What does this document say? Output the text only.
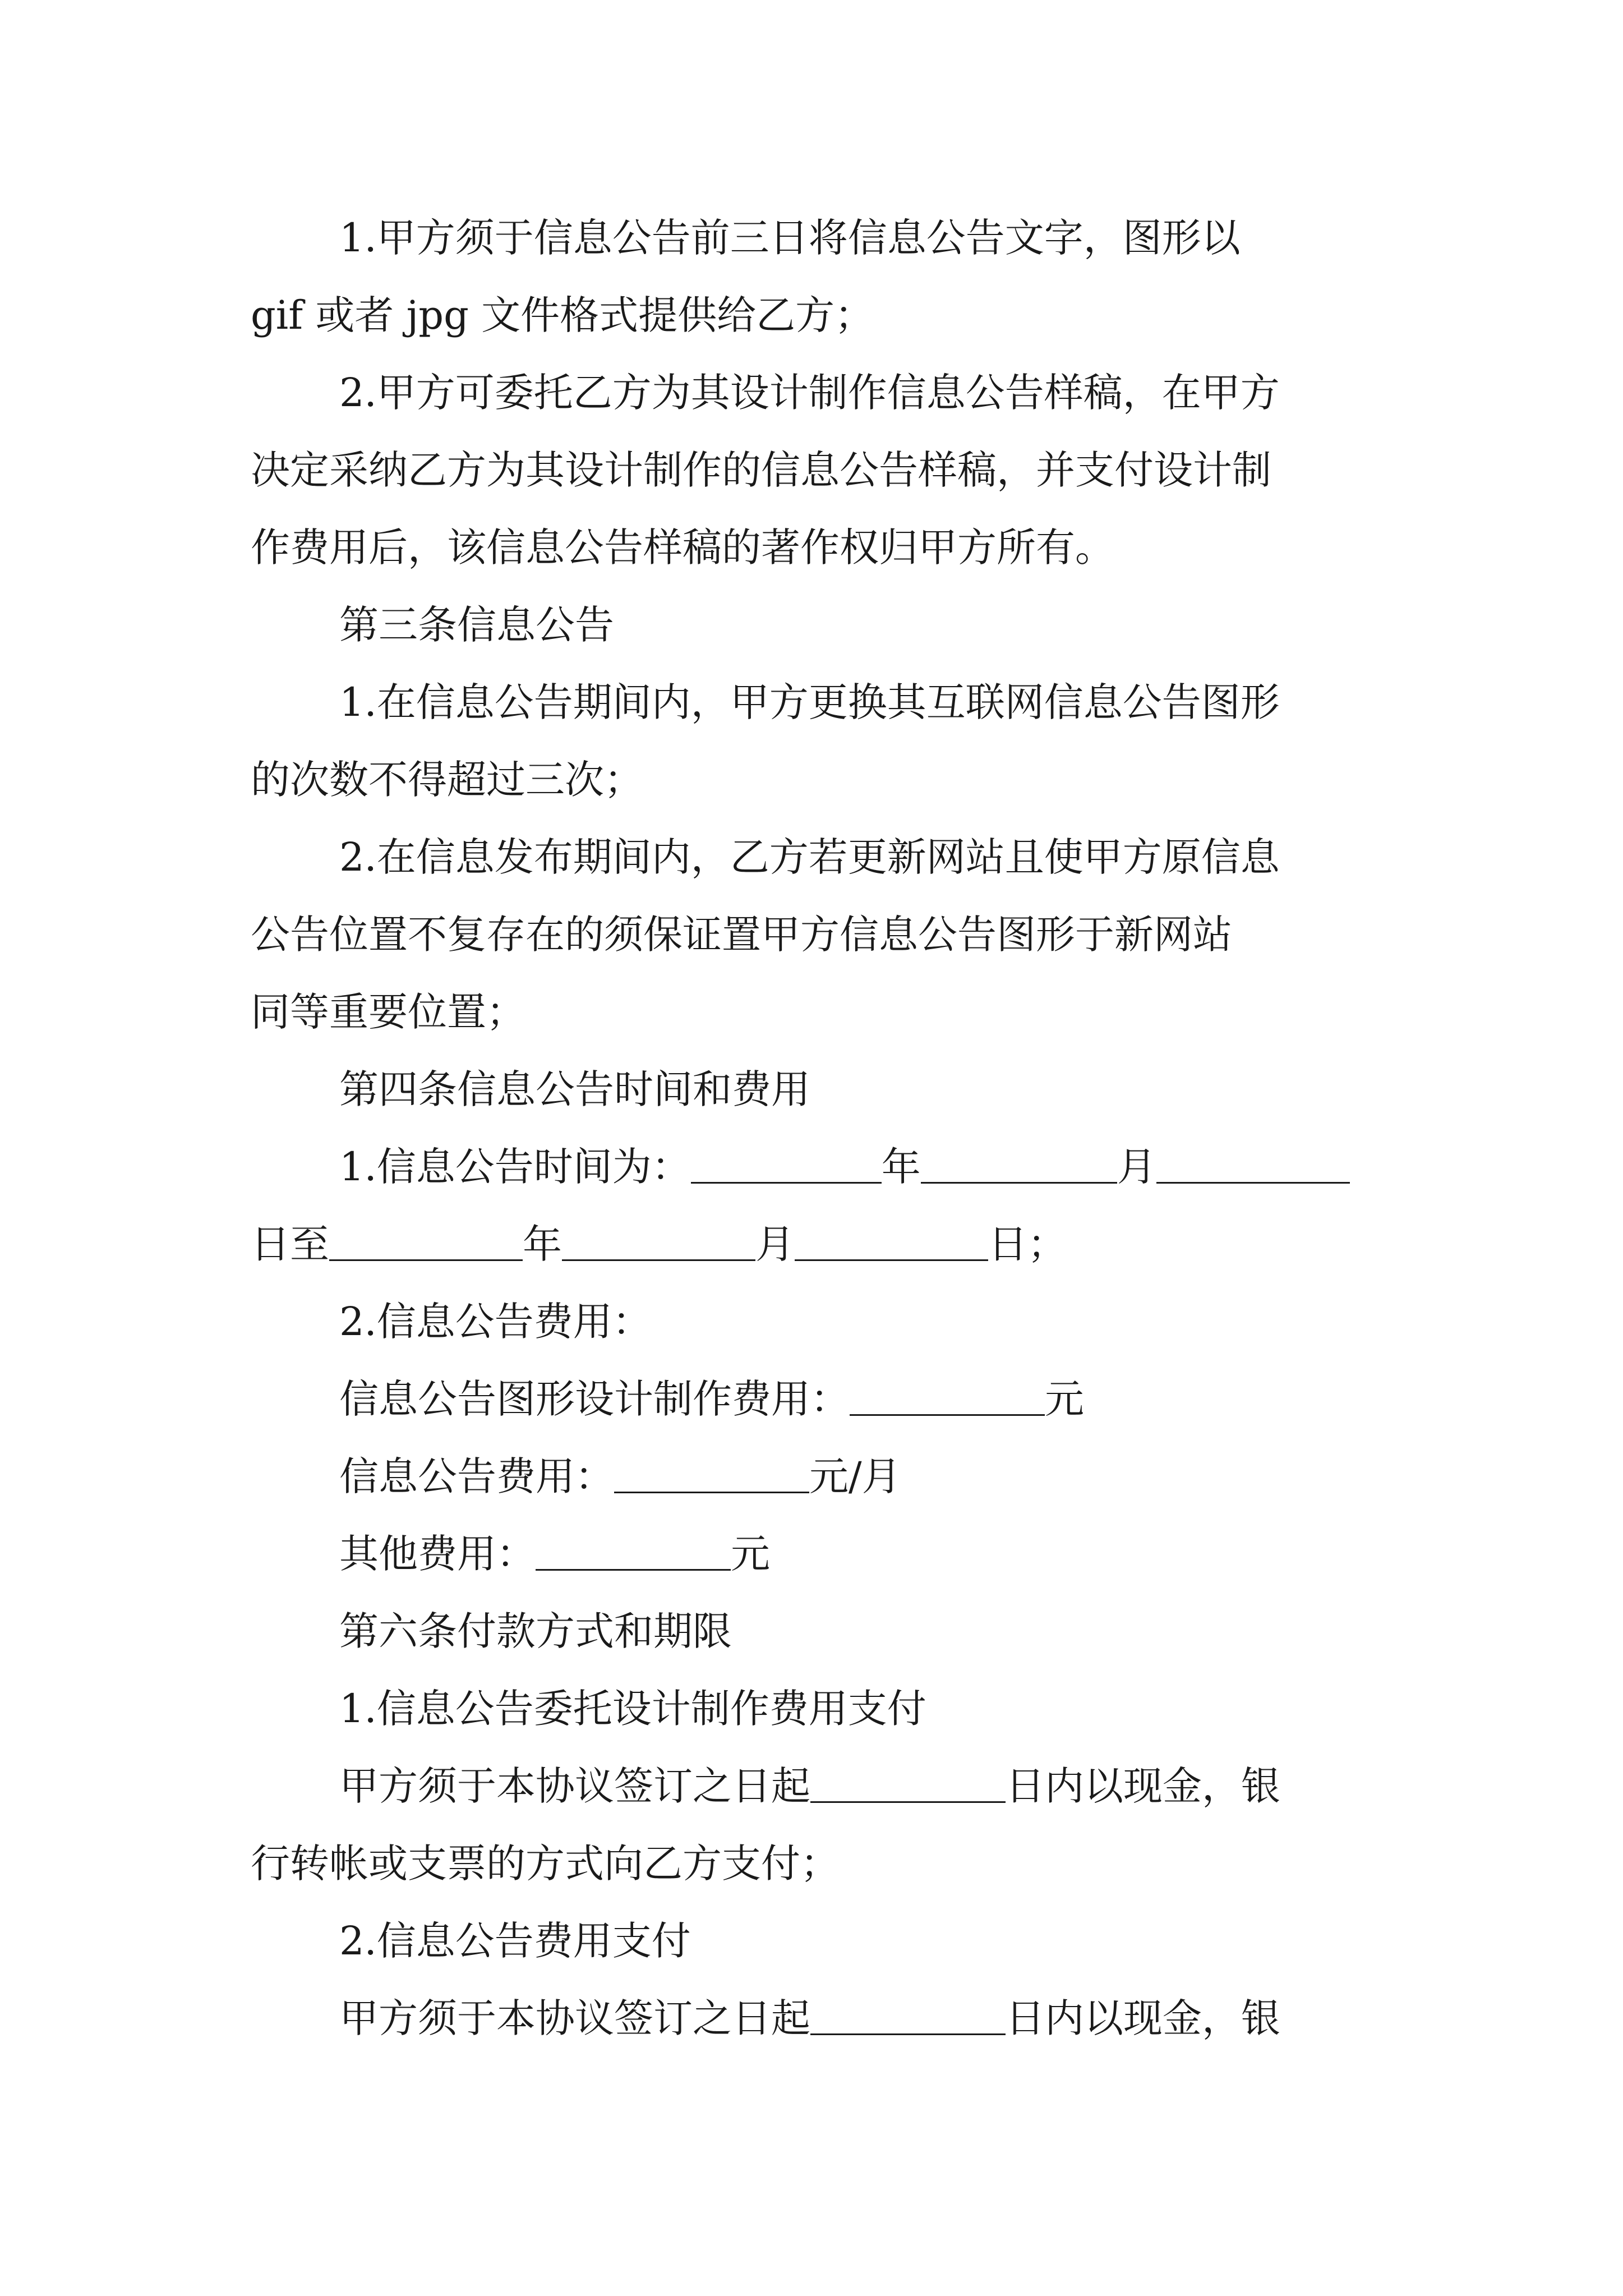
1.甲方须于信息公告前三日将信息公告文字，图形以
gif 或者 jpg 文件格式提供给乙方；
2.甲方可委托乙方为其设计制作信息公告样稿，在甲方
决定采纳乙方为其设计制作的信息公告样稿，并支付设计制
作费用后，该信息公告样稿的著作权归甲方所有。
第三条信息公告
1.在信息公告期间内，甲方更换其互联网信息公告图形
的次数不得超过三次；
2.在信息发布期间内，乙方若更新网站且使甲方原信息
公告位置不复存在的须保证置甲方信息公告图形于新网站
同等重要位置；
第四条信息公告时间和费用
1.信息公告时间为：	年	月
日至	年	月	日；
2.信息公告费用：
信息公告图形设计制作费用：	元
信息公告费用：	元/月
其他费用：	元
第六条付款方式和期限
1.信息公告委托设计制作费用支付
甲方须于本协议签订之日起	日内以现金，银
行转帐或支票的方式向乙方支付；
2.信息公告费用支付
甲方须于本协议签订之日起	日内以现金，银
